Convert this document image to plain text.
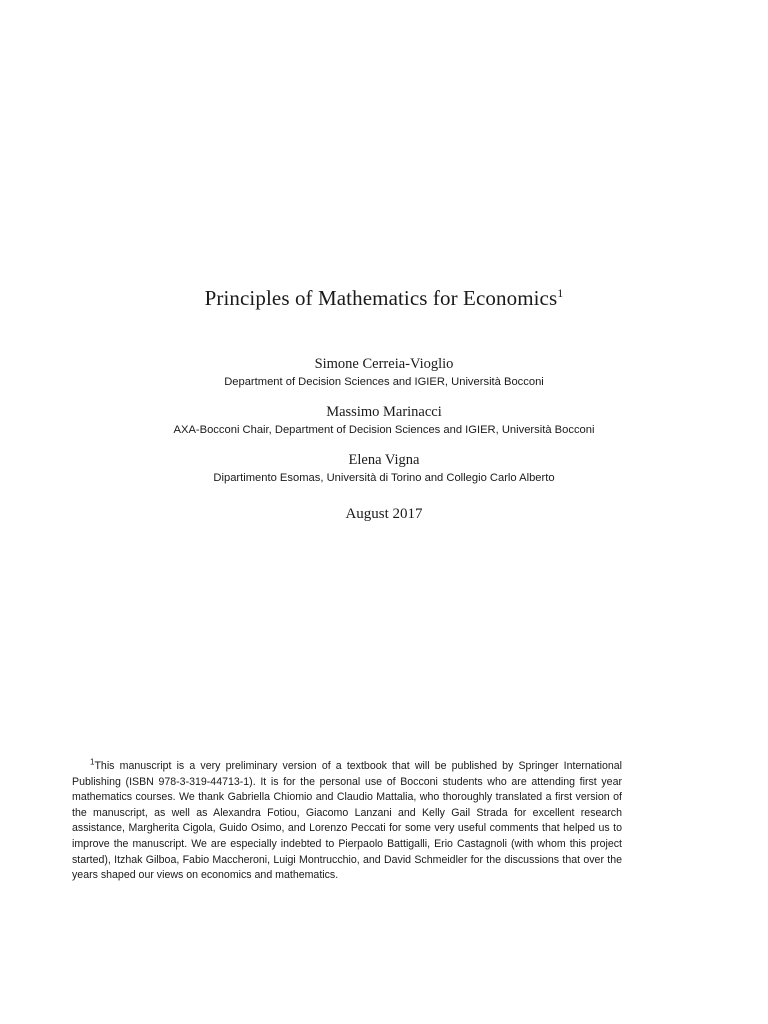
Principles of Mathematics for Economics$^1$
Simone Cerreia-Vioglio
Department of Decision Sciences and IGIER, Università Bocconi
Massimo Marinacci
AXA-Bocconi Chair, Department of Decision Sciences and IGIER, Università Bocconi
Elena Vigna
Dipartimento Esomas, Università di Torino and Collegio Carlo Alberto
August 2017
$^1$This manuscript is a very preliminary version of a textbook that will be published by Springer International Publishing (ISBN 978-3-319-44713-1). It is for the personal use of Bocconi students who are attending first year mathematics courses. We thank Gabriella Chiomio and Claudio Mattalia, who thoroughly translated a first version of the manuscript, as well as Alexandra Fotiou, Giacomo Lanzani and Kelly Gail Strada for excellent research assistance, Margherita Cigola, Guido Osimo, and Lorenzo Peccati for some very useful comments that helped us to improve the manuscript. We are especially indebted to Pierpaolo Battigalli, Erio Castagnoli (with whom this project started), Itzhak Gilboa, Fabio Maccheroni, Luigi Montrucchio, and David Schmeidler for the discussions that over the years shaped our views on economics and mathematics.
